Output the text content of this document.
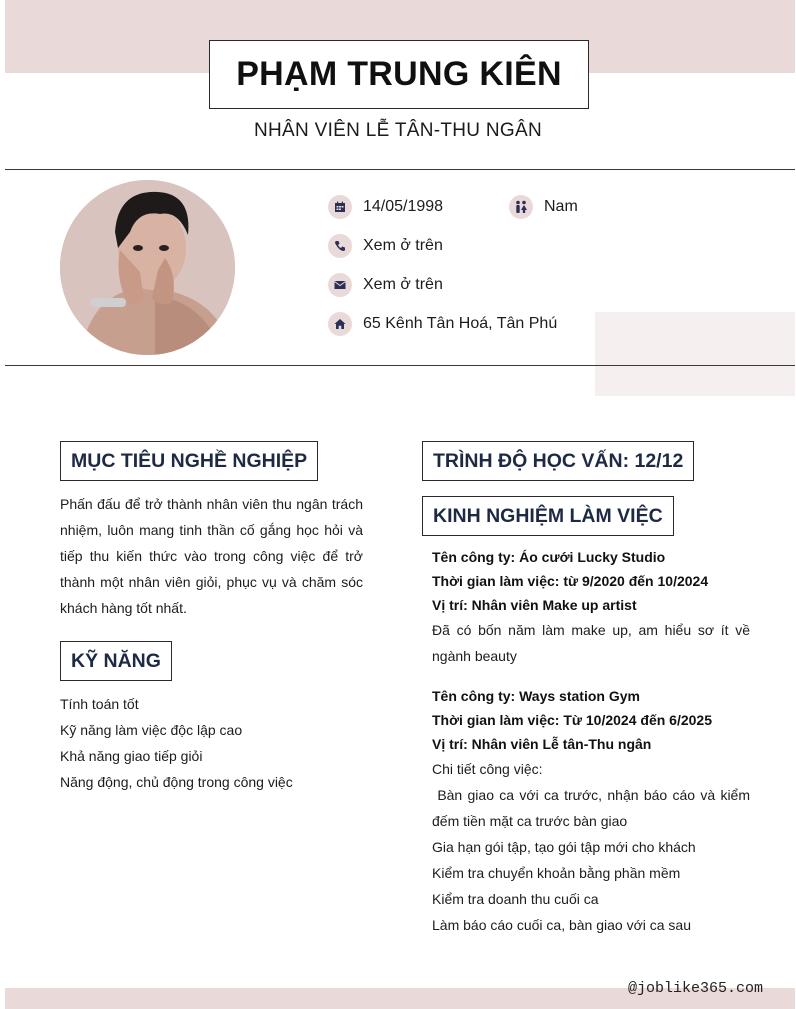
PHẠM TRUNG KIÊN
NHÂN VIÊN LỄ TÂN-THU NGÂN
14/05/1998	Nam
Xem ở trên
Xem ở trên
65 Kênh Tân Hoá, Tân Phú
MỤC TIÊU NGHỀ NGHIỆP

Phấn đấu để trở thành nhân viên thu ngân trách nhiệm, luôn mang tinh thần cố gắng học hỏi và tiếp thu kiến thức vào trong công việc để trở thành một nhân viên giỏi, phục vụ và chăm sóc khách hàng tốt nhất.

KỸ NĂNG
Tính toán tốt
Kỹ năng làm việc độc lập cao
Khả năng giao tiếp giỏi
Năng động, chủ động trong công việc
TRÌNH ĐỘ HỌC VẤN: 12/12
KINH NGHIỆM LÀM VIỆC
Tên công ty: Áo cưới Lucky Studio
Thời gian làm việc: từ 9/2020 đến 10/2024
Vị trí: Nhân viên Make up artist
Đã có bốn năm làm make up, am hiểu sơ ít về ngành beauty
Tên công ty: Ways station Gym
Thời gian làm việc: Từ 10/2024 đến 6/2025
Vị trí: Nhân viên Lễ tân-Thu ngân
Chi tiết công việc:
Bàn giao ca với ca trước, nhận báo cáo và kiểm đếm tiền mặt ca trước bàn giao
Gia hạn gói tập, tạo gói tập mới cho khách
Kiểm tra chuyển khoản bằng phần mềm
Kiểm tra doanh thu cuối ca
Làm báo cáo cuối ca, bàn giao với ca sau
@joblike365.com
